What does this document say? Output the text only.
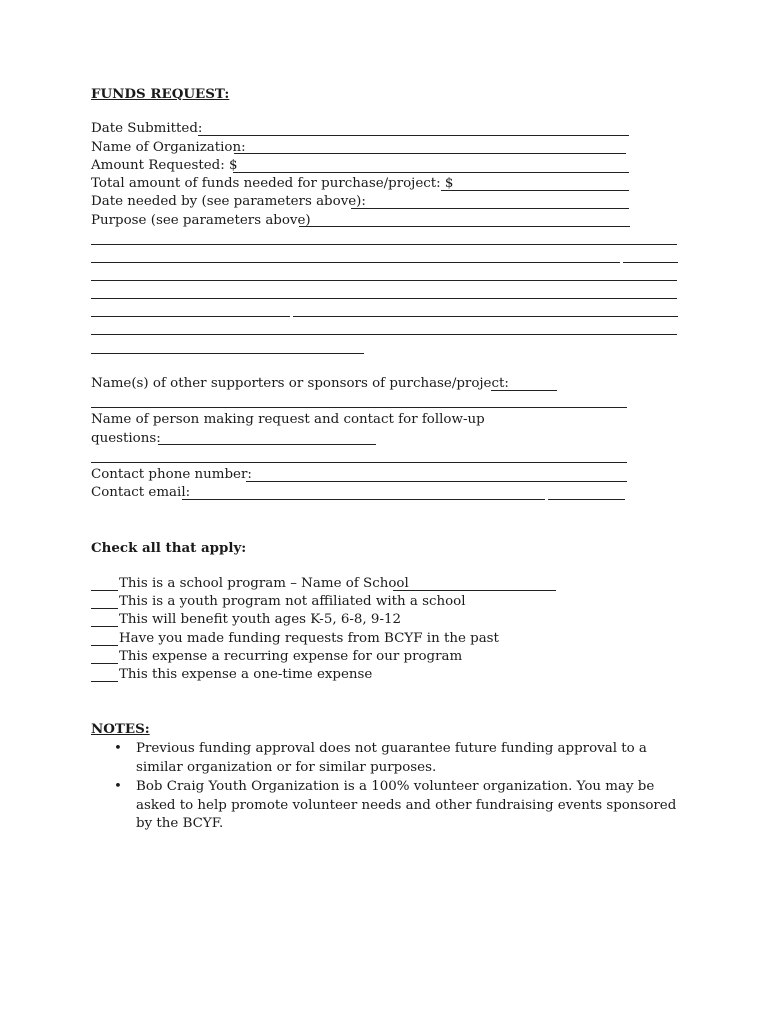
FUNDS REQUEST:
Date Submitted:
Name of Organization:
Amount Requested: $
Total amount of funds needed for purchase/project: $
Date needed by (see parameters above):
Purpose (see parameters above)
Name(s) of other supporters or sponsors of purchase/project:
Name of person making request and contact for follow-up
questions:
Contact phone number:
Contact email:
Check all that apply:
This is a school program – Name of School
This is a youth program not affiliated with a school
This will benefit youth ages K-5, 6-8, 9-12
Have you made funding requests from BCYF in the past
This expense a recurring expense for our program
This this expense a one-time expense
NOTES:
• Previous funding approval does not guarantee future funding approval to a similar organization or for similar purposes.
• Bob Craig Youth Organization is a 100% volunteer organization. You may be asked to help promote volunteer needs and other fundraising events sponsored by the BCYF.
